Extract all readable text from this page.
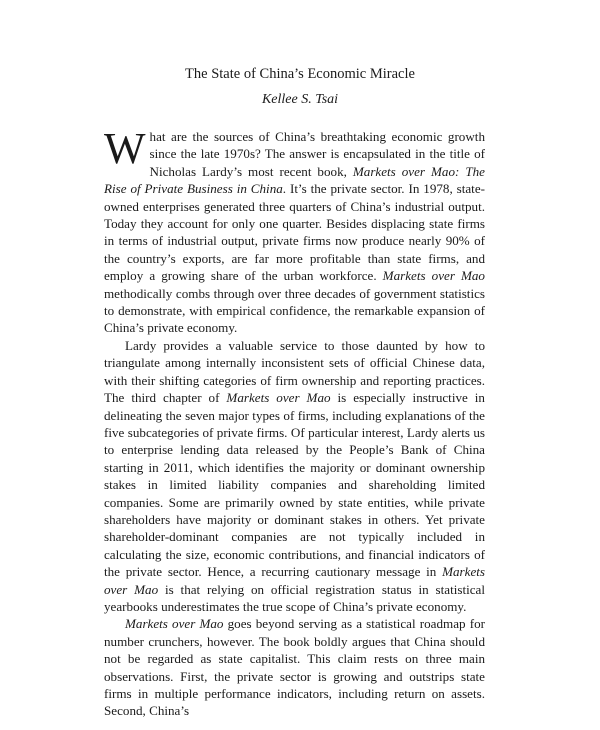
The State of China’s Economic Miracle
Kellee S. Tsai

What are the sources of China’s breathtaking economic growth since the late 1970s? The answer is encapsulated in the title of Nicholas Lardy’s most recent book, Markets over Mao: The Rise of Private Business in China. It’s the private sector. In 1978, state-owned enterprises generated three quarters of China’s industrial output. Today they account for only one quarter. Besides displacing state firms in terms of industrial output, private firms now produce nearly 90% of the country’s exports, are far more profitable than state firms, and employ a growing share of the urban workforce. Markets over Mao methodically combs through over three decades of government statistics to demonstrate, with empirical confidence, the remarkable expansion of China’s private economy.

Lardy provides a valuable service to those daunted by how to triangulate among internally inconsistent sets of official Chinese data, with their shifting categories of firm ownership and reporting practices. The third chapter of Markets over Mao is especially instructive in delineating the seven major types of firms, including explanations of the five subcategories of private firms. Of particular interest, Lardy alerts us to enterprise lending data released by the People’s Bank of China starting in 2011, which identifies the majority or dominant ownership stakes in limited liability companies and shareholding limited companies. Some are primarily owned by state entities, while private shareholders have majority or dominant stakes in others. Yet private shareholder-dominant companies are not typically included in calculating the size, economic contributions, and financial indicators of the private sector. Hence, a recurring cautionary message in Markets over Mao is that relying on official registration status in statistical yearbooks underestimates the true scope of China’s private economy.

Markets over Mao goes beyond serving as a statistical roadmap for number crunchers, however. The book boldly argues that China should not be regarded as state capitalist. This claim rests on three main observations. First, the private sector is growing and outstrips state firms in multiple performance indicators, including return on assets. Second, China’s
